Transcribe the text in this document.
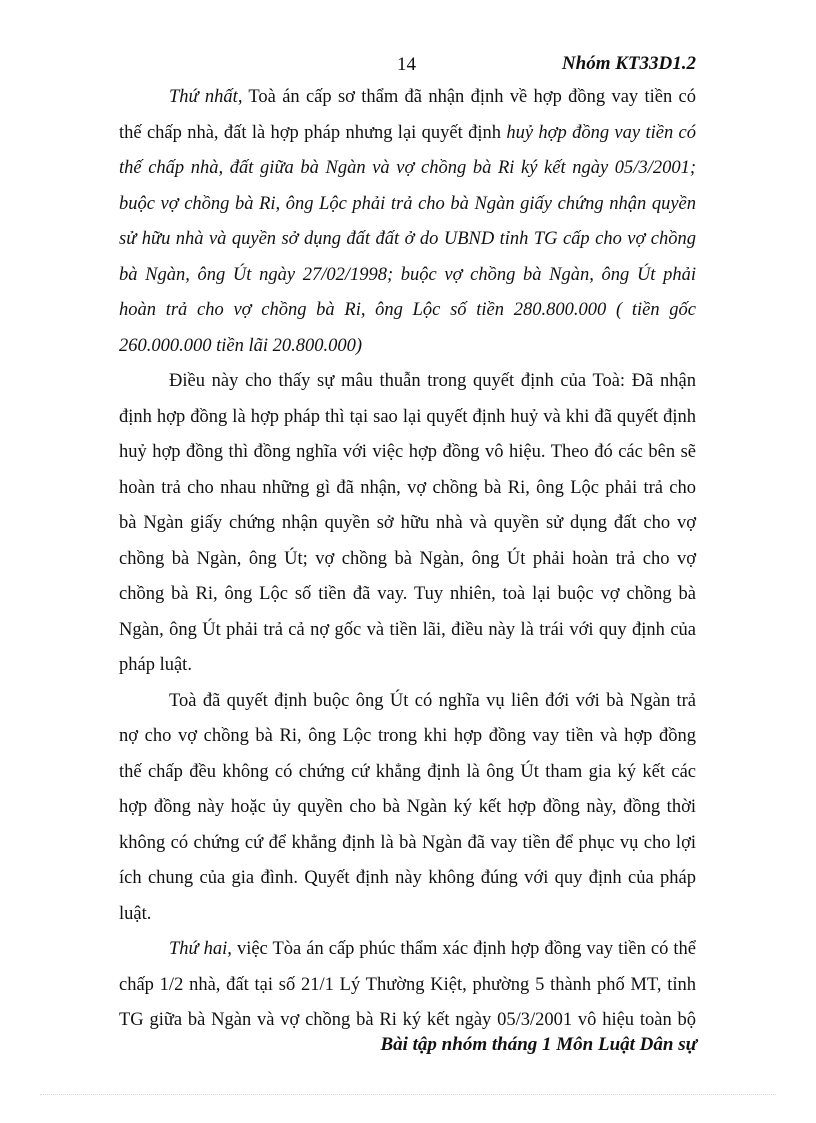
14	Nhóm KT33D1.2
Thứ nhất, Toà án cấp sơ thẩm đã nhận định về hợp đồng vay tiền có
thế chấp nhà, đất là hợp pháp nhưng lại quyết định huỷ hợp đồng vay tiền có
thế chấp nhà, đất giữa bà Ngàn và vợ chồng bà Ri ký kết ngày 05/3/2001;
buộc vợ chồng bà Ri, ông Lộc phải trả cho bà Ngàn giấy chứng nhận quyền
sử hữu nhà và quyền sở dụng đất đất ở do UBND tỉnh TG cấp cho vợ chồng
bà Ngàn, ông Út ngày 27/02/1998; buộc vợ chồng bà Ngàn, ông Út phải
hoàn trả cho vợ chồng bà Ri, ông Lộc số tiền 280.800.000 ( tiền gốc
260.000.000 tiền lãi 20.800.000)
Điều này cho thấy sự mâu thuẫn trong quyết định của Toà: Đã nhận
định hợp đồng là hợp pháp thì tại sao lại quyết định huỷ và khi đã quyết định
huỷ hợp đồng thì đồng nghĩa với việc hợp đồng vô hiệu. Theo đó các bên sẽ
hoàn trả cho nhau những gì đã nhận, vợ chồng bà Ri, ông Lộc phải trả cho
bà Ngàn giấy chứng nhận quyền sở hữu nhà và quyền sử dụng đất cho vợ
chồng bà Ngàn, ông Út; vợ chồng bà Ngàn, ông Út phải hoàn trả cho vợ
chồng bà Ri, ông Lộc số tiền đã vay. Tuy nhiên, toà lại buộc vợ chồng bà
Ngàn, ông Út phải trả cả nợ gốc và tiền lãi, điều này là trái với quy định của
pháp luật.
Toà đã quyết định buộc ông Út có nghĩa vụ liên đới với bà Ngàn trả
nợ cho vợ chồng bà Ri, ông Lộc trong khi hợp đồng vay tiền và hợp đồng
thế chấp đều không có chứng cứ khẳng định là ông Út tham gia ký kết các
hợp đồng này hoặc ủy quyền cho bà Ngàn ký kết hợp đồng này, đồng thời
không có chứng cứ để khẳng định là bà Ngàn đã vay tiền để phục vụ cho lợi
ích chung của gia đình. Quyết định này không đúng với quy định của pháp
luật.
Thứ hai, việc Tòa án cấp phúc thẩm xác định hợp đồng vay tiền có thể
chấp 1/2 nhà, đất tại số 21/1 Lý Thường Kiệt, phường 5 thành phố MT, tỉnh
TG giữa bà Ngàn và vợ chồng bà Ri ký kết ngày 05/3/2001 vô hiệu toàn bộ
Bài tập nhóm tháng 1 Môn Luật Dân sự
